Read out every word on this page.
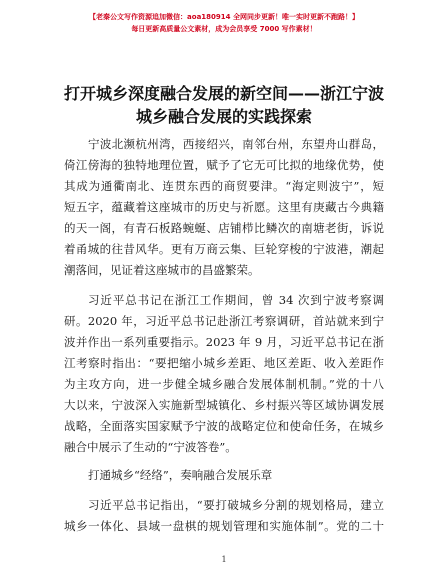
【老秦公文写作资源追加微信：aoa180914 全网同步更新！唯一实时更新不跑路！】
每日更新高质量公文素材，成为会员享受 7000 写作素材！
打开城乡深度融合发展的新空间——浙江宁波
城乡融合发展的实践探索
宁波北濒杭州湾，西接绍兴，南邻台州，东望舟山群岛，
倚江傍海的独特地理位置，赋予了它无可比拟的地缘优势，使
其成为通衢南北、连贯东西的商贸要津。“海定则波宁”，短
短五字，蕴藏着这座城市的历史与祈愿。这里有庚藏古今典籍
的天一阁，有青石板路蜿蜒、店铺栉比鳞次的南塘老街，诉说
着甬城的往昔风华。更有万商云集、巨轮穿梭的宁波港，潮起
潮落间，见证着这座城市的昌盛繁荣。
习近平总书记在浙江工作期间，曾 34 次到宁波考察调
研。2020 年，习近平总书记赴浙江考察调研，首站就来到宁
波并作出一系列重要指示。2023 年 9 月，习近平总书记在浙
江考察时指出：“要把缩小城乡差距、地区差距、收入差距作
为主攻方向，进一步健全城乡融合发展体制机制。”党的十八
大以来，宁波深入实施新型城镇化、乡村振兴等区域协调发展
战略，全面落实国家赋予宁波的战略定位和使命任务，在城乡
融合中展示了生动的“宁波答卷”。
打通城乡“经络”，奏响融合发展乐章
习近平总书记指出，“要打破城乡分割的规划格局，建立
城乡一体化、县域一盘棋的规划管理和实施体制”。党的二十
1
